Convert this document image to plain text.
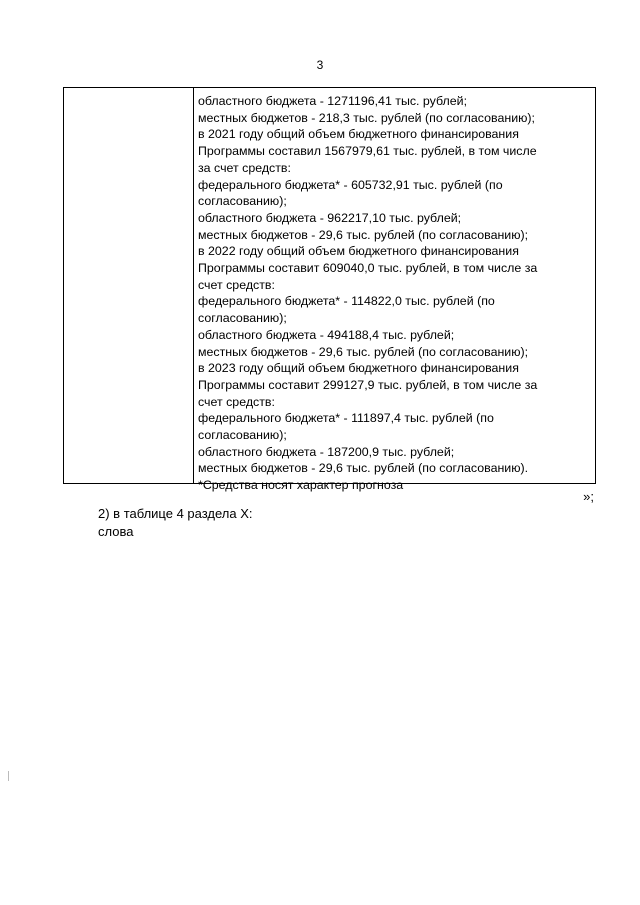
3
областного бюджета - 1271196,41 тыс. рублей;
местных бюджетов - 218,3 тыс. рублей (по согласованию);
в 2021 году общий объем бюджетного финансирования
Программы составил 1567979,61 тыс. рублей, в том числе
за счет средств:
федерального бюджета* - 605732,91 тыс. рублей (по
согласованию);
областного бюджета - 962217,10 тыс. рублей;
местных бюджетов - 29,6 тыс. рублей (по согласованию);
в 2022 году общий объем бюджетного финансирования
Программы составит 609040,0 тыс. рублей, в том числе за
счет средств:
федерального бюджета* - 114822,0 тыс. рублей (по
согласованию);
областного бюджета - 494188,4 тыс. рублей;
местных бюджетов - 29,6 тыс. рублей (по согласованию);
в 2023 году общий объем бюджетного финансирования
Программы составит 299127,9 тыс. рублей, в том числе за
счет средств:
федерального бюджета* - 111897,4 тыс. рублей (по
согласованию);
областного бюджета - 187200,9 тыс. рублей;
местных бюджетов - 29,6 тыс. рублей (по согласованию).
*Средства носят характер прогноза
»;
2) в таблице 4 раздела X:
слова
